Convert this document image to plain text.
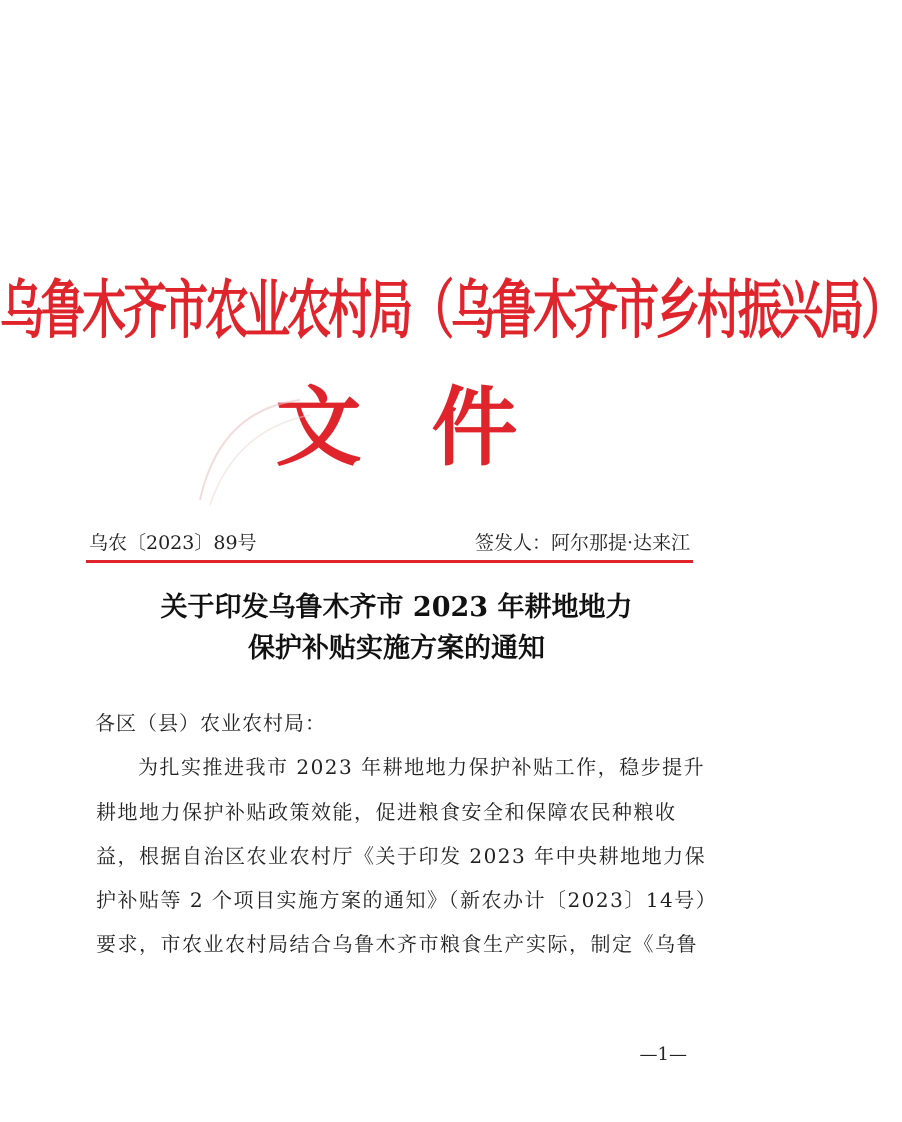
乌鲁木齐市农业农村局（乌鲁木齐市乡村振兴局）
文件
乌农〔2023〕89号	签发人：阿尔那提·达来江
关于印发乌鲁木齐市 2023 年耕地地力
保护补贴实施方案的通知
各区（县）农业农村局：
为扎实推进我市 2023 年耕地地力保护补贴工作，稳步提升
耕地地力保护补贴政策效能，促进粮食安全和保障农民种粮收
益，根据自治区农业农村厅《关于印发 2023 年中央耕地地力保
护补贴等 2 个项目实施方案的通知》（新农办计〔2023〕14号）
要求，市农业农村局结合乌鲁木齐市粮食生产实际，制定《乌鲁
—1—
